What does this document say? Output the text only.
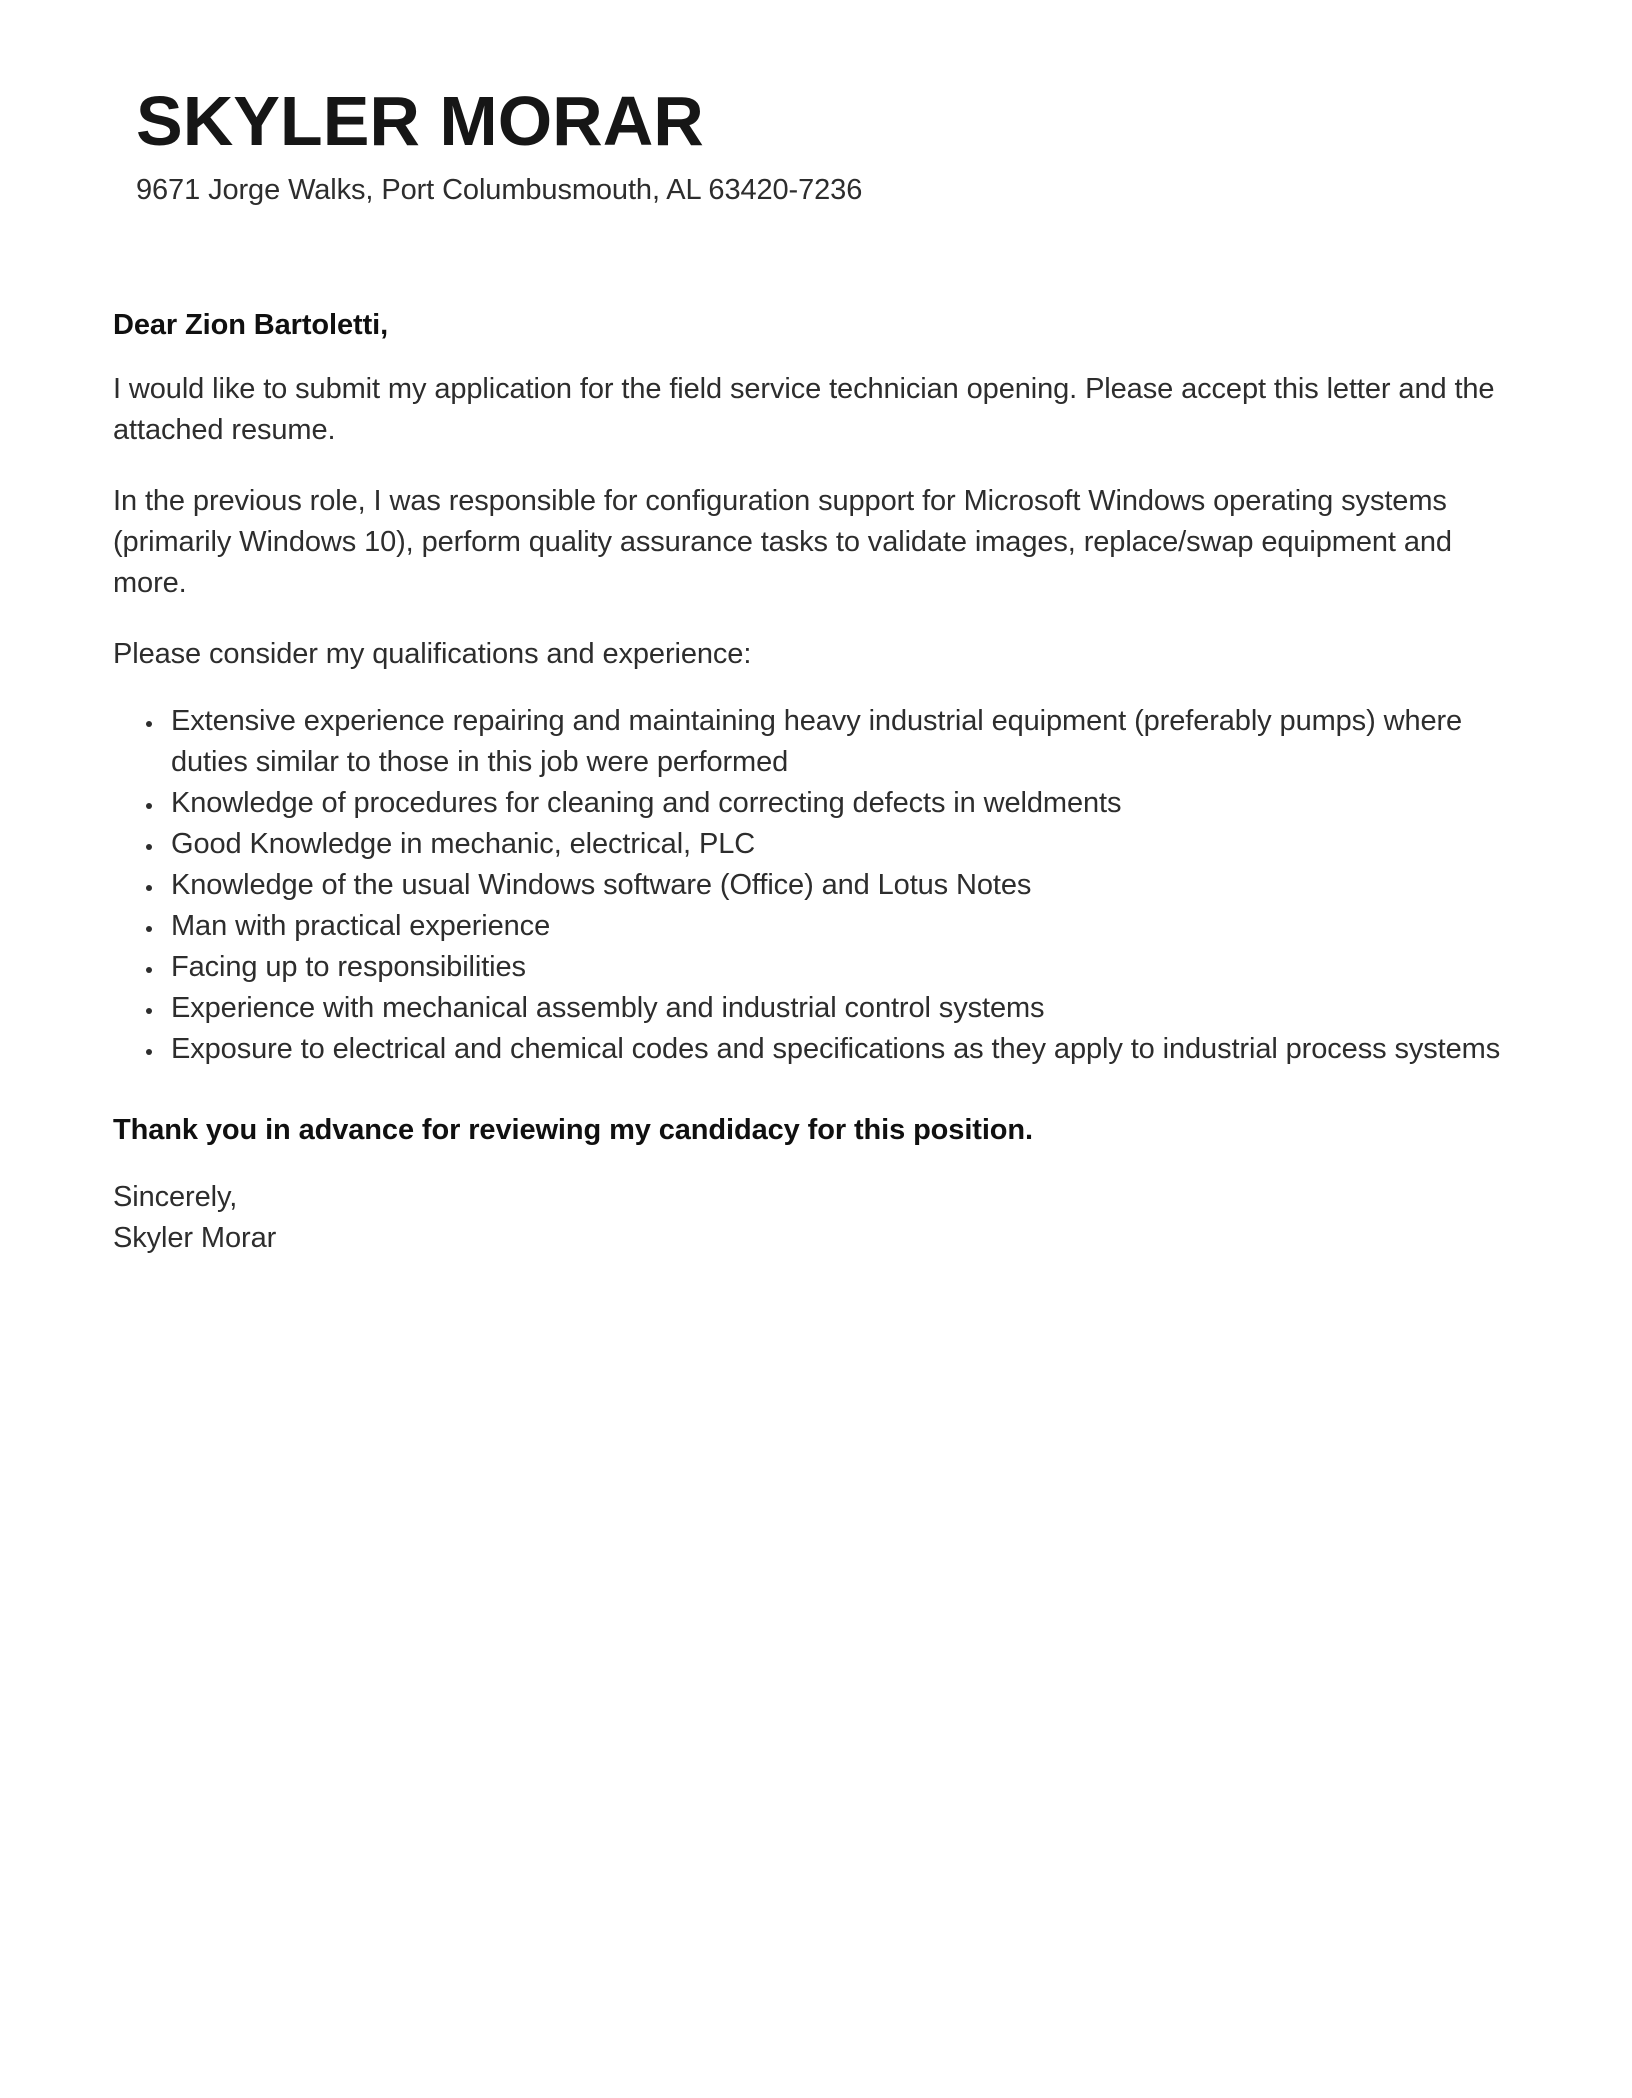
SKYLER MORAR

9671 Jorge Walks, Port Columbusmouth, AL 63420-7236

Dear Zion Bartoletti,

I would like to submit my application for the field service technician opening. Please accept this letter and the attached resume.

In the previous role, I was responsible for configuration support for Microsoft Windows operating systems (primarily Windows 10), perform quality assurance tasks to validate images, replace/swap equipment and more.

Please consider my qualifications and experience:

• Extensive experience repairing and maintaining heavy industrial equipment (preferably pumps) where duties similar to those in this job were performed
• Knowledge of procedures for cleaning and correcting defects in weldments
• Good Knowledge in mechanic, electrical, PLC
• Knowledge of the usual Windows software (Office) and Lotus Notes
• Man with practical experience
• Facing up to responsibilities
• Experience with mechanical assembly and industrial control systems
• Exposure to electrical and chemical codes and specifications as they apply to industrial process systems

Thank you in advance for reviewing my candidacy for this position.

Sincerely,

Skyler Morar
